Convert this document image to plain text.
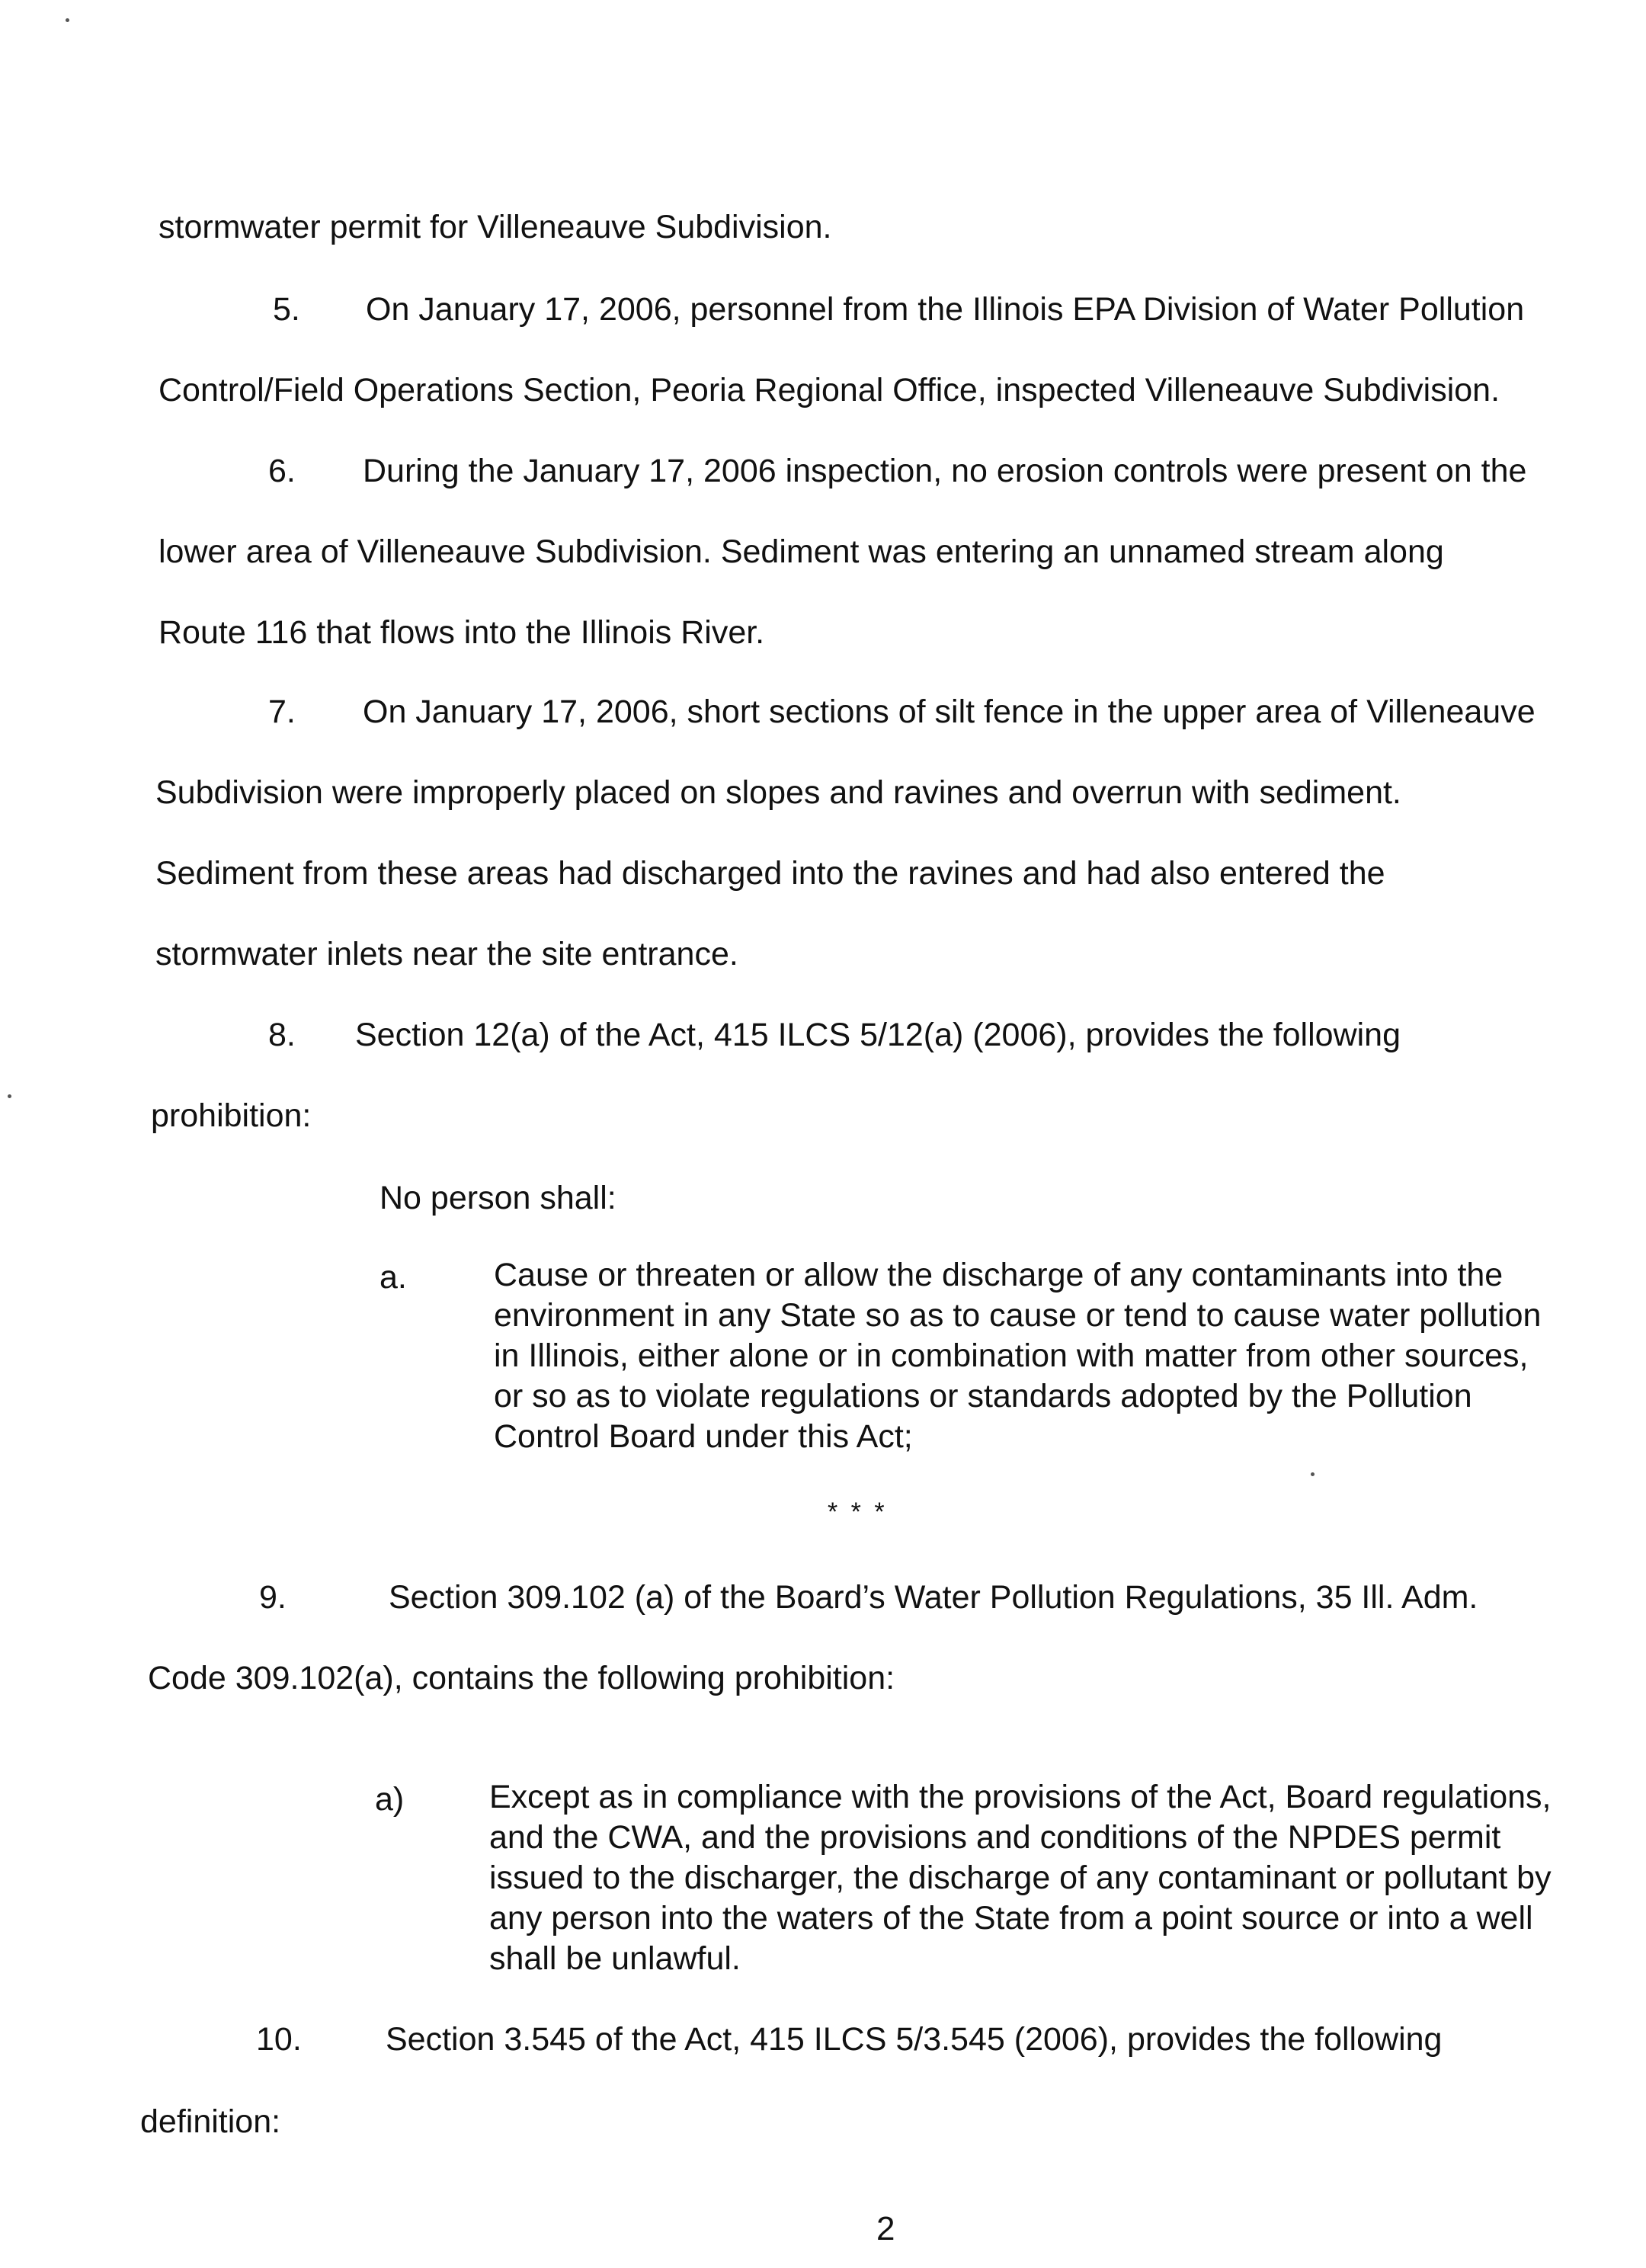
stormwater permit for Villeneauve Subdivision.
5. On January 17, 2006, personnel from the Illinois EPA Division of Water Pollution
Control/Field Operations Section, Peoria Regional Office, inspected Villeneauve Subdivision.
6. During the January 17, 2006 inspection, no erosion controls were present on the
lower area of Villeneauve Subdivision. Sediment was entering an unnamed stream along
Route 116 that flows into the Illinois River.
7. On January 17, 2006, short sections of silt fence in the upper area of Villeneauve
Subdivision were improperly placed on slopes and ravines and overrun with sediment.
Sediment from these areas had discharged into the ravines and had also entered the
stormwater inlets near the site entrance.
8. Section 12(a) of the Act, 415 ILCS 5/12(a) (2006), provides the following
prohibition:
No person shall:
a.	Cause or threaten or allow the discharge of any contaminants into the
environment in any State so as to cause or tend to cause water pollution
in Illinois, either alone or in combination with matter from other sources,
or so as to violate regulations or standards adopted by the Pollution
Control Board under this Act;
* * *
9.	Section 309.102 (a) of the Board’s Water Pollution Regulations, 35 Ill. Adm.
Code 309.102(a), contains the following prohibition:
a)	Except as in compliance with the provisions of the Act, Board regulations,
and the CWA, and the provisions and conditions of the NPDES permit
issued to the discharger, the discharge of any contaminant or pollutant by
any person into the waters of the State from a point source or into a well
shall be unlawful.
10.	Section 3.545 of the Act, 415 ILCS 5/3.545 (2006), provides the following
definition:
2
